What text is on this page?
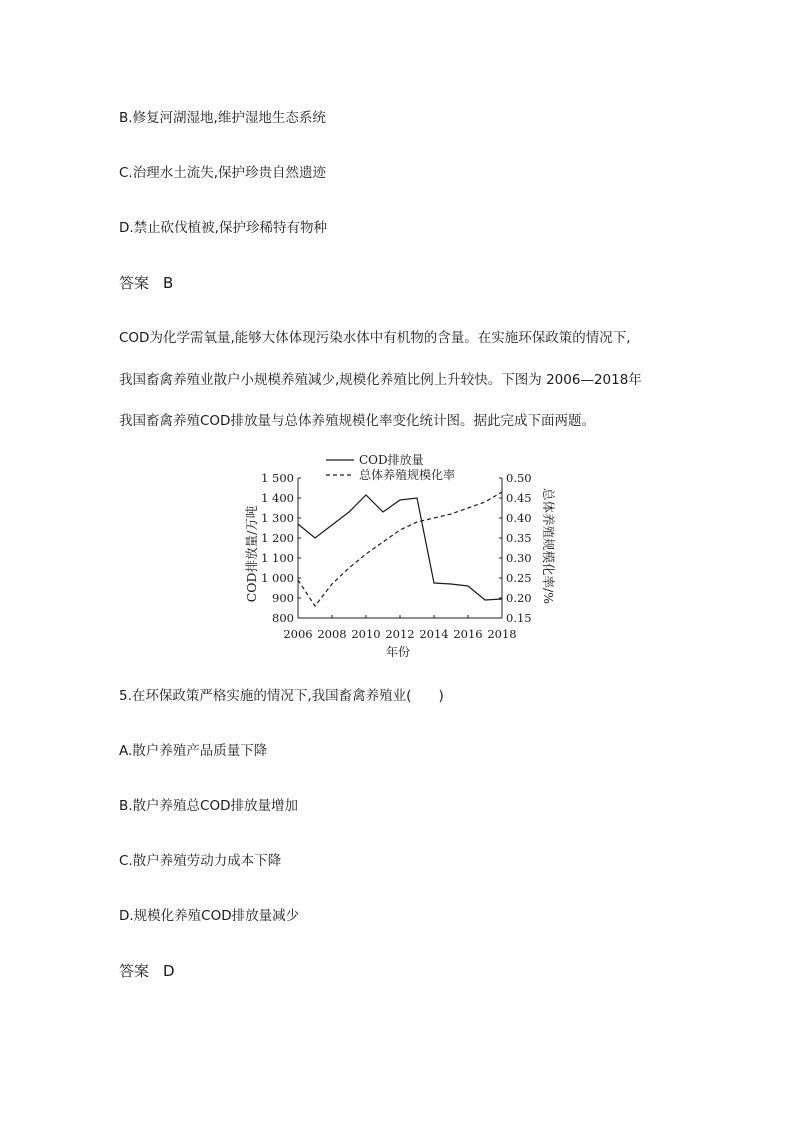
B.修复河湖湿地,维护湿地生态系统
C.治理水土流失,保护珍贵自然遗迹
D.禁止砍伐植被,保护珍稀特有物种
答案 B
COD为化学需氧量,能够大体体现污染水体中有机物的含量。在实施环保政策的情况下,
我国畜禽养殖业散户小规模养殖减少,规模化养殖比例上升较快。下图为 2006—2018年
我国畜禽养殖COD排放量与总体养殖规模化率变化统计图。据此完成下面两题。
1 500
1 400
1 300
1 200
1 100
1 000
900
800
0.50
0.45
0.40
0.35
0.30
0.25
0.20
0.15
2006 2008 2010 2012 2014 2016 2018
年份
COD排放量/万吨	总体养殖规模化率/%
COD排放量
总体养殖规模化率
5.在环保政策严格实施的情况下,我国畜禽养殖业(　　)
A.散户养殖产品质量下降
B.散户养殖总COD排放量增加
C.散户养殖劳动力成本下降
D.规模化养殖COD排放量减少
答案 D
